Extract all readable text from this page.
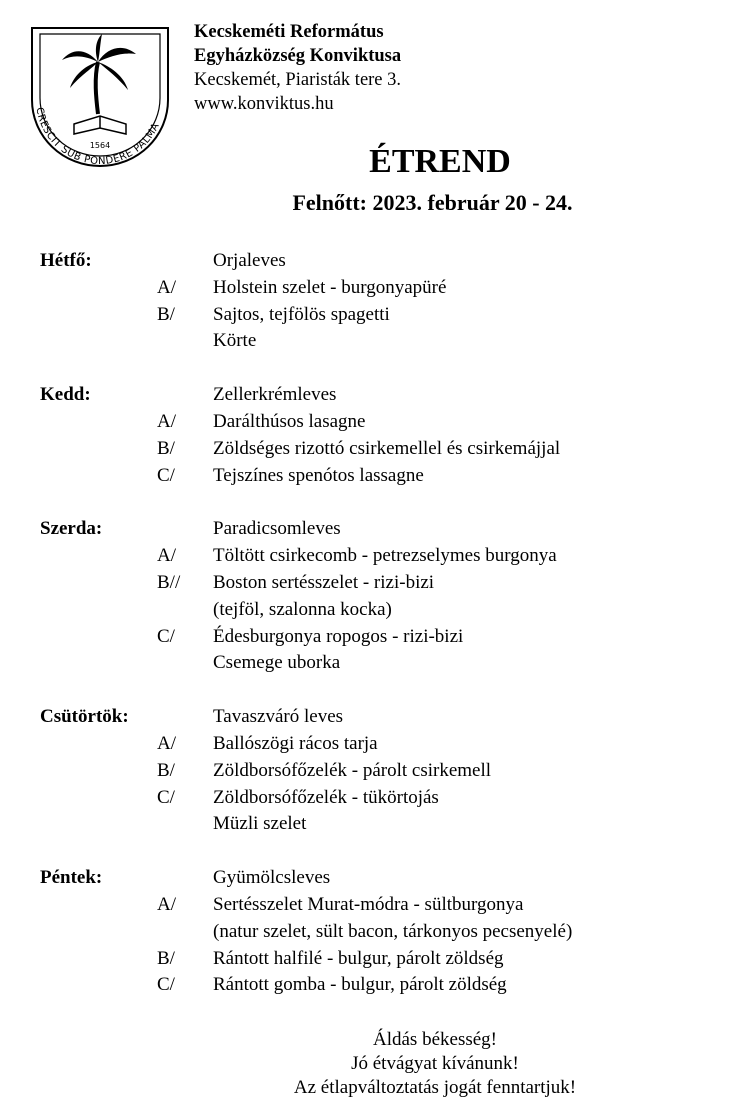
1564
CRESCIT SUB PONDERE PALMA
Kecskeméti Református
Egyházközség Konviktusa
Kecskemét, Piaristák tere 3.
www.konviktus.hu
ÉTREND
Felnőtt: 2023. február 20 - 24.
Hétfő:	Orjaleves
A/ Holstein szelet - burgonyapüré
B/ Sajtos, tejfölös spagetti
Körte
Kedd:	Zellerkrémleves
A/ Darálthúsos lasagne
B/ Zöldséges rizottó csirkemellel és csirkemájjal
C/ Tejszínes spenótos lassagne
Szerda:	Paradicsomleves
A/ Töltött csirkecomb - petrezselymes burgonya
B// Boston sertésszelet - rizi-bizi
(tejföl, szalonna kocka)
C/ Édesburgonya ropogos - rizi-bizi
Csemege uborka
Csütörtök:	Tavaszváró leves
A/ Ballószögi rácos tarja
B/ Zöldborsófőzelék - párolt csirkemell
C/ Zöldborsófőzelék - tükörtojás
Müzli szelet
Péntek:	Gyümölcsleves
A/ Sertésszelet Murat-módra - sültburgonya
(natur szelet, sült bacon, tárkonyos pecsenyelé)
B/ Rántott halfilé - bulgur, párolt zöldség
C/ Rántott gomba - bulgur, párolt zöldség
Áldás békesség!
Jó étvágyat kívánunk!
Az étlapváltoztatás jogát fenntartjuk!
